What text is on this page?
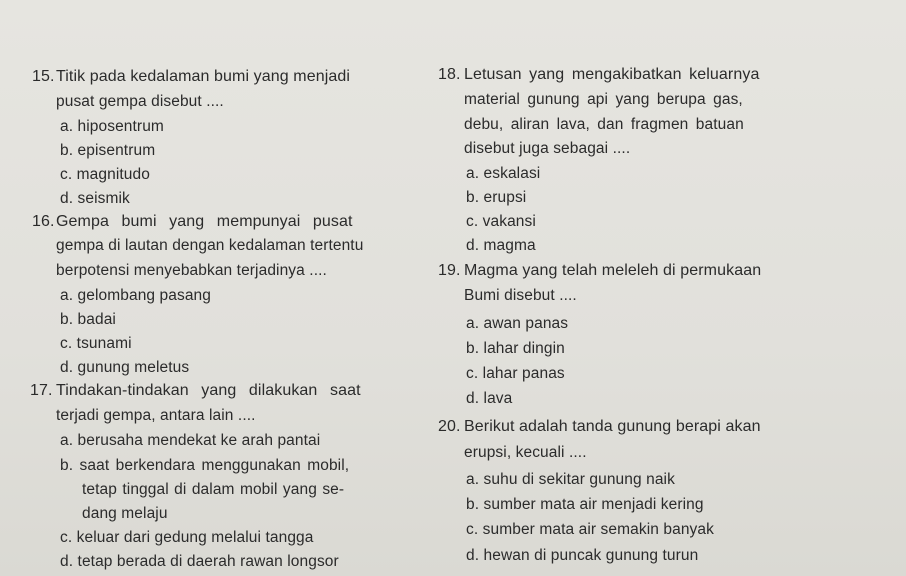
15. Titik pada kedalaman bumi yang menjadi
pusat gempa disebut ....
a. hiposentrum
b. episentrum
c. magnitudo
d. seismik
16. Gempa bumi yang mempunyai pusat
gempa di lautan dengan kedalaman tertentu
berpotensi menyebabkan terjadinya ....
a. gelombang pasang
b. badai
c. tsunami
d. gunung meletus
17. Tindakan-tindakan yang dilakukan saat
terjadi gempa, antara lain ....
a. berusaha mendekat ke arah pantai
b. saat berkendara menggunakan mobil,
tetap tinggal di dalam mobil yang se-
dang melaju
c. keluar dari gedung melalui tangga
d. tetap berada di daerah rawan longsor
18. Letusan yang mengakibatkan keluarnya
material gunung api yang berupa gas,
debu, aliran lava, dan fragmen batuan
disebut juga sebagai ....
a. eskalasi
b. erupsi
c. vakansi
d. magma
19. Magma yang telah meleleh di permukaan
Bumi disebut ....
a. awan panas
b. lahar dingin
c. lahar panas
d. lava
20. Berikut adalah tanda gunung berapi akan
erupsi, kecuali ....
a. suhu di sekitar gunung naik
b. sumber mata air menjadi kering
c. sumber mata air semakin banyak
d. hewan di puncak gunung turun
